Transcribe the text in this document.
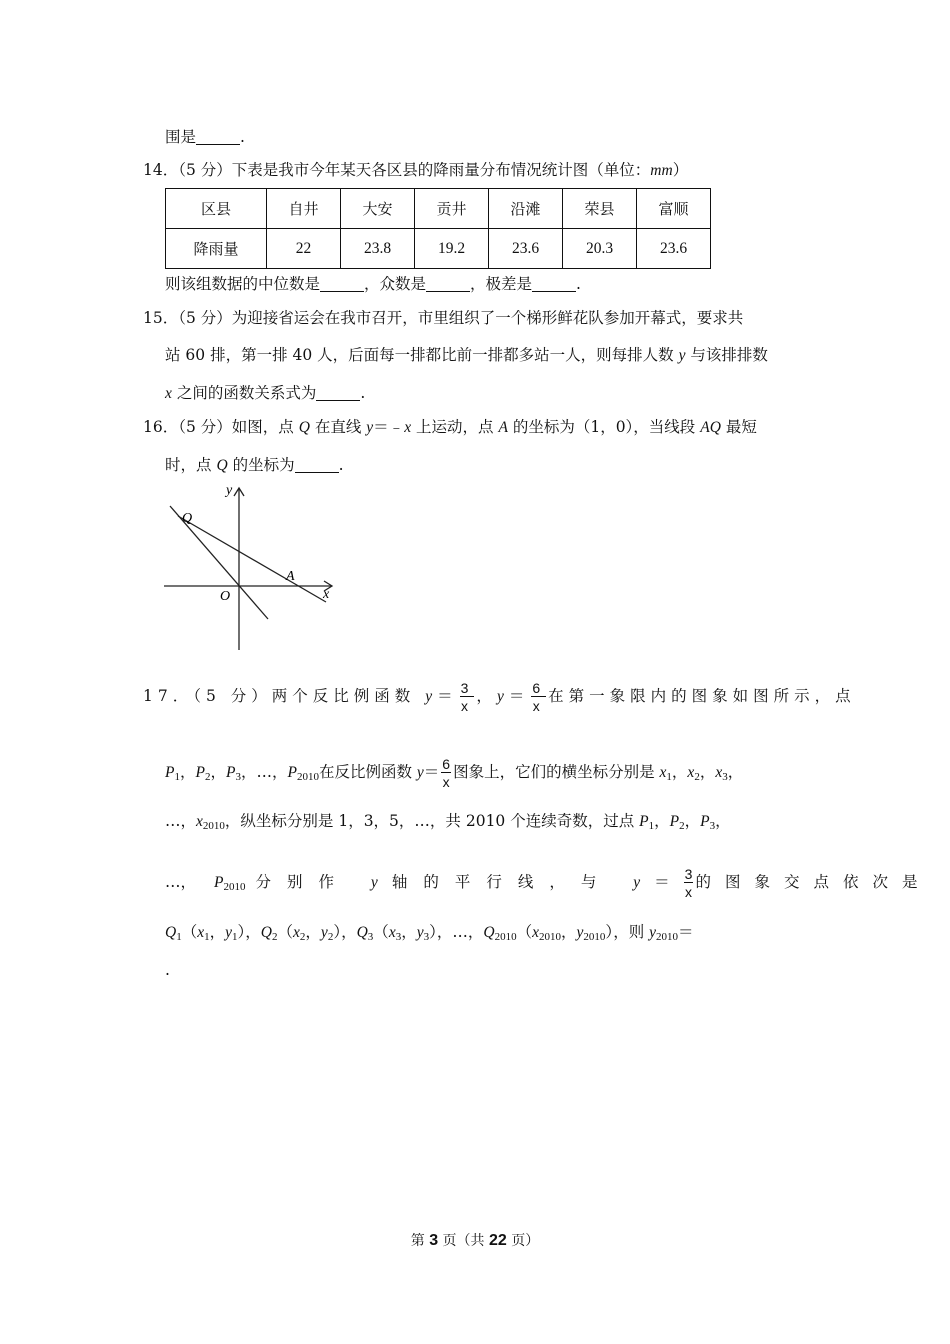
围是	.
14．（5 分）下表是我市今年某天各区县的降雨量分布情况统计图（单位：mm）
区县	自井	大安	贡井	沿滩	荣县	富顺
降雨量	22	23.8	19.2	23.6	20.3	23.6
则该组数据的中位数是	，众数是	，极差是	.
15．（5 分）为迎接省运会在我市召开，市里组织了一个梯形鲜花队参加开幕式，要求共
站 60 排，第一排 40 人，后面每一排都比前一排都多站一人，则每排人数 y 与该排排数
x 之间的函数关系式为	.
16．（5 分）如图，点 Q 在直线 y＝﹣x 上运动，点 A 的坐标为（1，0），当线段 AQ 最短
时，点 Q 的坐标为	.
y
x
Q
A
O
17．（5 分）两个反比例函数 $y= \frac{3}{x}$ ，$y= \frac{6}{x}$ 在第一象限内的图象如图所示，点
$P_1$，$P_2$，$P_3$，…，$P_{2010}$在反比例函数 $y= \frac{6}{x}$ 图象上，它们的横坐标分别是 $x_1$，$x_2$，$x_3$，
…，$x_{2010}$，纵坐标分别是 1，3，5，…，共 2010 个连续奇数，过点 $P_1$，$P_2$，$P_3$，
…， $P_{2010}$ 分别作 y 轴的平行线，与 $y = \frac{3}{x}$ 的图象交点依次是
$Q_1(x_1$，$y_1$），$Q_2(x_2$，$y_2$），$Q_3(x_3$，$y_3$），…，$Q_{2010}(x_{2010}$，$y_{2010}$），则 $y_{2010}=$
.
第 3 页（共 22 页）
